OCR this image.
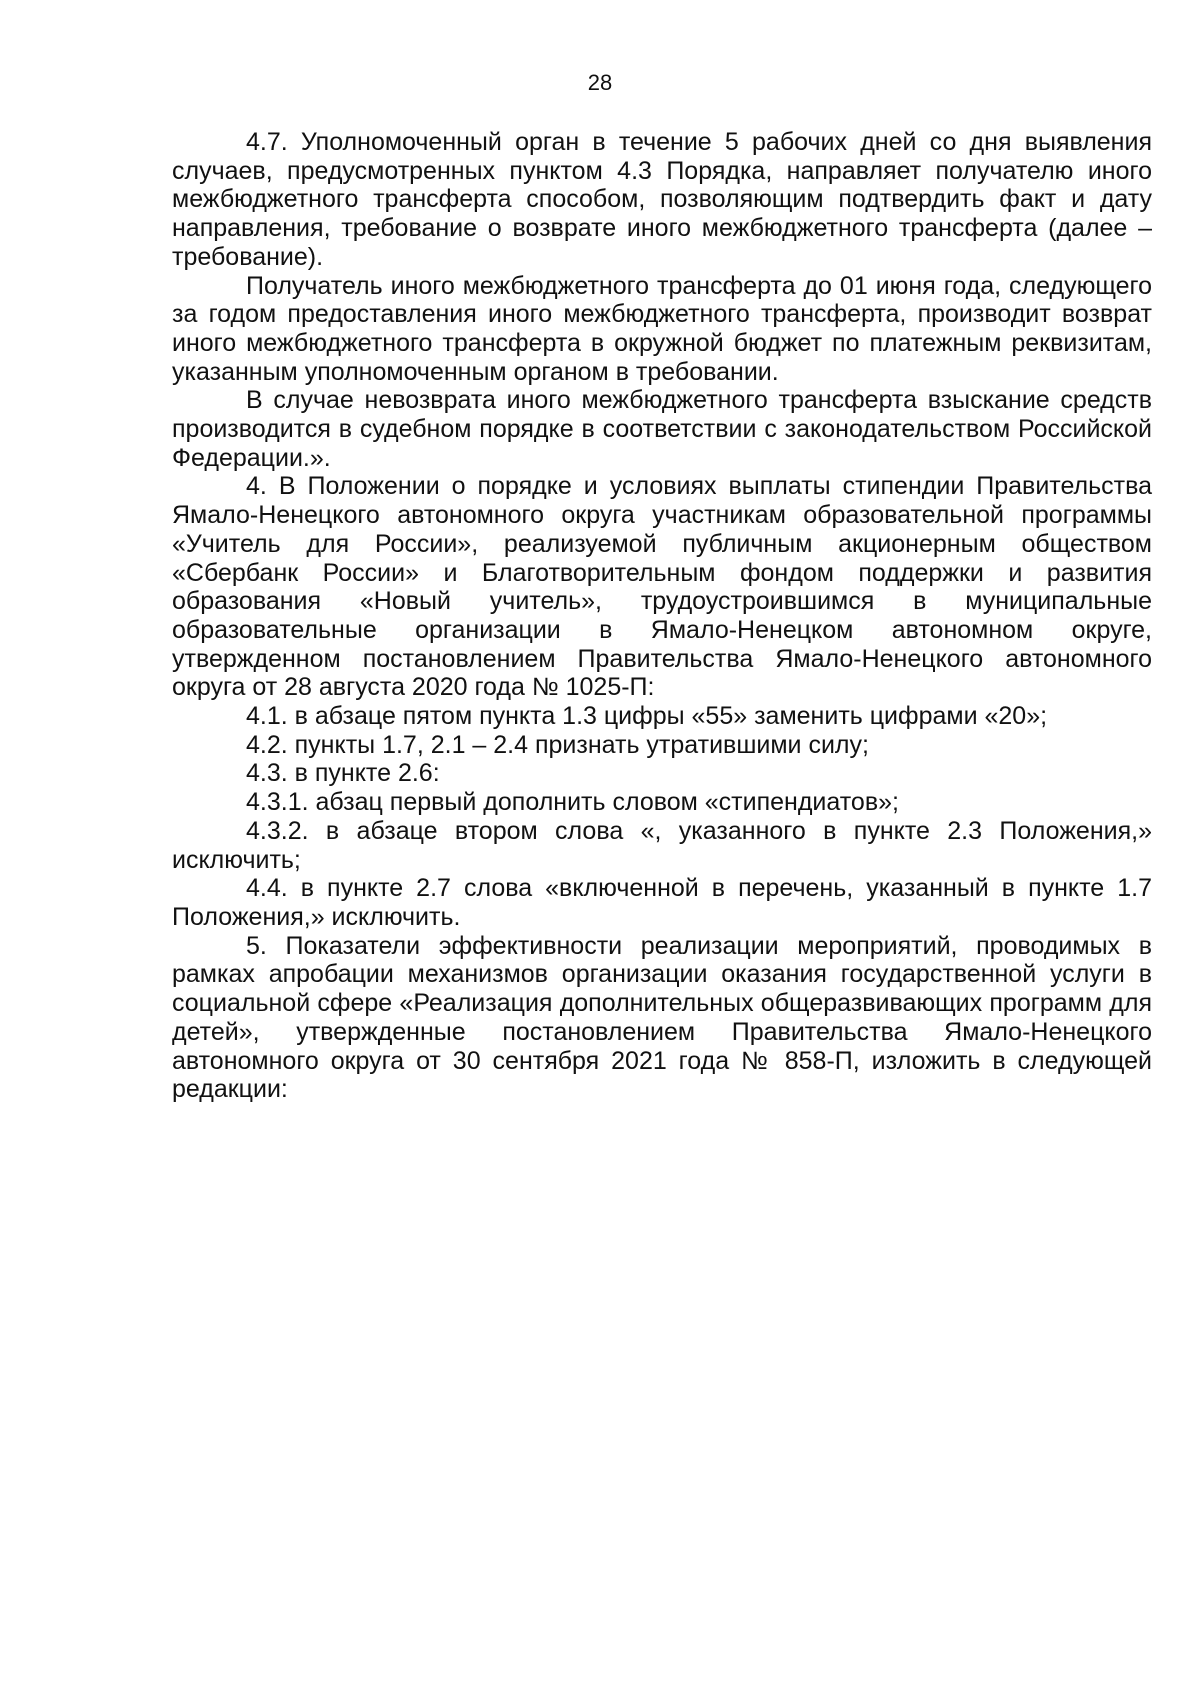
28

4.7. Уполномоченный орган в течение 5 рабочих дней со дня выявления случаев, предусмотренных пунктом 4.3 Порядка, направляет получателю иного межбюджетного трансферта способом, позволяющим подтвердить факт и дату направления, требование о возврате иного межбюджетного трансферта (далее – требование).

Получатель иного межбюджетного трансферта до 01 июня года, следующего за годом предоставления иного межбюджетного трансферта, производит возврат иного межбюджетного трансферта в окружной бюджет по платежным реквизитам, указанным уполномоченным органом в требовании.

В случае невозврата иного межбюджетного трансферта взыскание средств производится в судебном порядке в соответствии с законодательством Российской Федерации.».

4. В Положении о порядке и условиях выплаты стипендии Правительства Ямало-Ненецкого автономного округа участникам образовательной программы «Учитель для России», реализуемой публичным акционерным обществом «Сбербанк России» и Благотворительным фондом поддержки и развития образования «Новый учитель», трудоустроившимся в муниципальные образовательные организации в Ямало-Ненецком автономном округе, утвержденном постановлением Правительства Ямало-Ненецкого автономного округа от 28 августа 2020 года № 1025-П:

4.1. в абзаце пятом пункта 1.3 цифры «55» заменить цифрами «20»;

4.2. пункты 1.7, 2.1 – 2.4 признать утратившими силу;

4.3. в пункте 2.6:

4.3.1. абзац первый дополнить словом «стипендиатов»;

4.3.2. в абзаце втором слова «, указанного в пункте 2.3 Положения,» исключить;

4.4. в пункте 2.7 слова «включенной в перечень, указанный в пункте 1.7 Положения,» исключить.

5. Показатели эффективности реализации мероприятий, проводимых в рамках апробации механизмов организации оказания государственной услуги в социальной сфере «Реализация дополнительных общеразвивающих программ для детей», утвержденные постановлением Правительства Ямало-Ненецкого автономного округа от 30 сентября 2021 года № 858-П, изложить в следующей редакции:
